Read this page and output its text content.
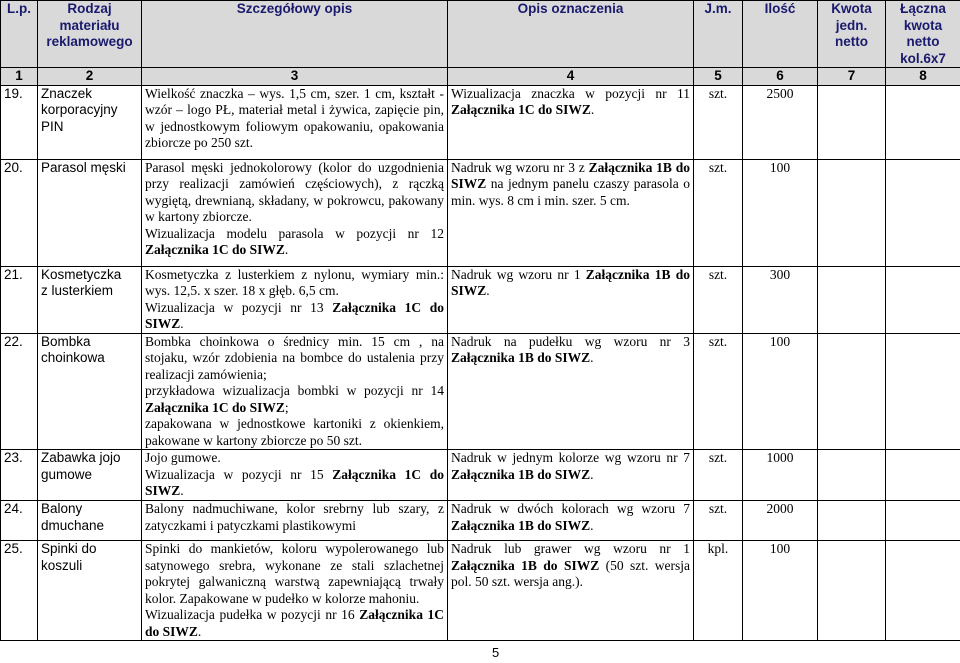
L.p.	Rodzaj materiału reklamowego	Szczegółowy opis	Opis oznaczenia	J.m.	Ilość	Kwota jedn. netto	Łączna kwota netto kol.6x7
1	2	3	4	5	6	7	8
19.	Znaczek
korporacyjny
PIN	Wielkość znaczka – wys. 1,5 cm, szer. 1 cm, kształt - wzór – logo PŁ, materiał metal i żywica, zapięcie pin, w jednostkowym foliowym opakowaniu, opakowania zbiorcze po 250 szt.	Wizualizacja znaczka w pozycji nr 11 Załącznika 1C do SIWZ.	szt.	2500		
20.	Parasol męski	Parasol męski jednokolorowy (kolor do uzgodnienia przy realizacji zamówień częściowych), z rączką wygiętą, drewnianą, składany, w pokrowcu, pakowany w kartony zbiorcze.
Wizualizacja modelu parasola w pozycji nr 12 Załącznika 1C do SIWZ.	Nadruk wg wzoru nr 3 z Załącznika 1B do SIWZ na jednym panelu czaszy parasola o min. wys. 8 cm i min. szer. 5 cm.	szt.	100		
21.	Kosmetyczka
z lusterkiem	Kosmetyczka z lusterkiem z nylonu, wymiary min.: wys. 12,5. x szer. 18 x głęb. 6,5 cm.
Wizualizacja w pozycji nr 13 Załącznika 1C do SIWZ.	Nadruk wg wzoru nr 1 Załącznika 1B do SIWZ.	szt.	300		
22.	Bombka
choinkowa	Bombka choinkowa o średnicy min. 15 cm , na stojaku, wzór zdobienia na bombce do ustalenia przy realizacji zamówienia;
przykładowa wizualizacja bombki w pozycji nr 14 Załącznika 1C do SIWZ;
zapakowana w jednostkowe kartoniki z okienkiem, pakowane w kartony zbiorcze po 50 szt.	Nadruk na pudełku wg wzoru nr 3 Załącznika 1B do SIWZ.	szt.	100		
23.	Zabawka jojo
gumowe	Jojo gumowe.
Wizualizacja w pozycji nr 15 Załącznika 1C do SIWZ.	Nadruk w jednym kolorze wg wzoru nr 7 Załącznika 1B do SIWZ.	szt.	1000		
24.	Balony
dmuchane	Balony nadmuchiwane, kolor srebrny lub szary, z zatyczkami i patyczkami plastikowymi	Nadruk w dwóch kolorach wg wzoru 7 Załącznika 1B do SIWZ.	szt.	2000		
25.	Spinki do
koszuli	Spinki do mankietów, koloru wypolerowanego lub satynowego srebra, wykonane ze stali szlachetnej pokrytej galwaniczną warstwą zapewniającą trwały kolor. Zapakowane w pudełko w kolorze mahoniu.
Wizualizacja pudełka w pozycji nr 16 Załącznika 1C do SIWZ.	Nadruk lub grawer wg wzoru nr 1 Załącznika 1B do SIWZ (50 szt. wersja pol. 50 szt. wersja ang.).	kpl.	100		
5
